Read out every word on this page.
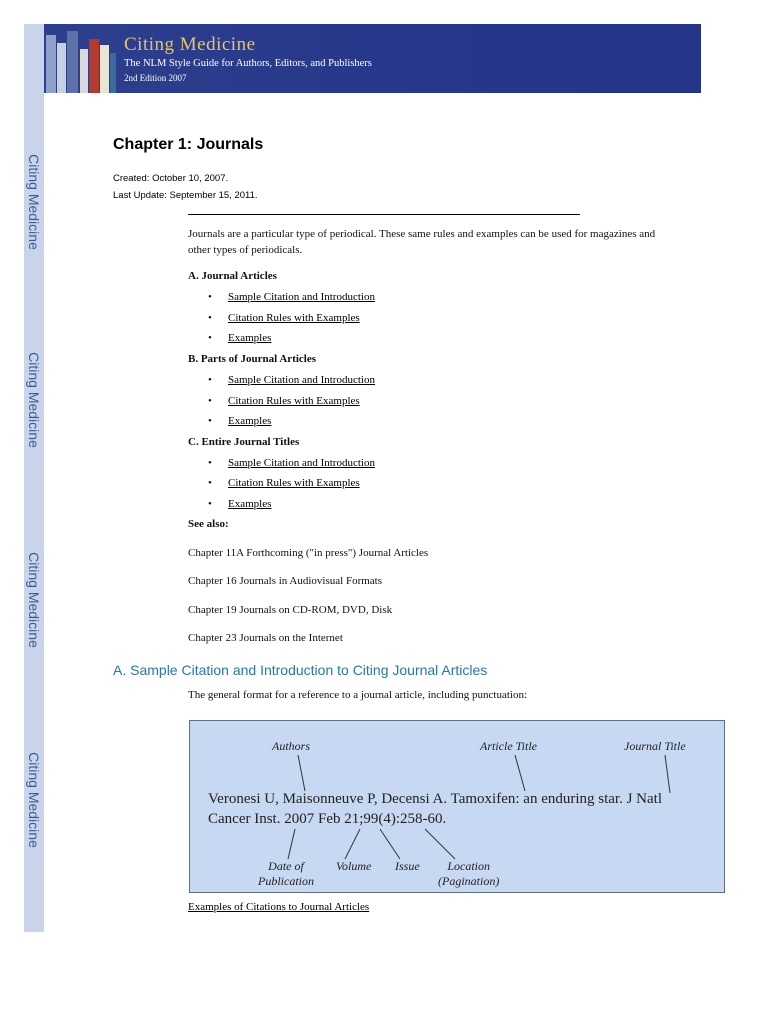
Citing Medicine
Citing Medicine
Citing Medicine
Citing Medicine
Citing Medicine
The NLM Style Guide for Authors, Editors, and Publishers
2nd Edition 2007
Chapter 1: Journals
Created: October 10, 2007.
Last Update: September 15, 2011.

Journals are a particular type of periodical. These same rules and examples can be used for magazines and other types of periodicals.

A. Journal Articles
•	Sample Citation and Introduction
•	Citation Rules with Examples
•	Examples
B. Parts of Journal Articles
•	Sample Citation and Introduction
•	Citation Rules with Examples
•	Examples
C. Entire Journal Titles
•	Sample Citation and Introduction
•	Citation Rules with Examples
•	Examples
See also:
Chapter 11A Forthcoming ("in press") Journal Articles
Chapter 16 Journals in Audiovisual Formats
Chapter 19 Journals on CD-ROM, DVD, Disk
Chapter 23 Journals on the Internet
A. Sample Citation and Introduction to Citing Journal Articles
The general format for a reference to a journal article, including punctuation:
Authors	Article Title	Journal Title
Veronesi U, Maisonneuve P, Decensi A. Tamoxifen: an enduring star. J Natl
Cancer Inst. 2007 Feb 21;99(4):258-60.
Date of
Publication
Volume Issue	Location
(Pagination)
Examples of Citations to Journal Articles
